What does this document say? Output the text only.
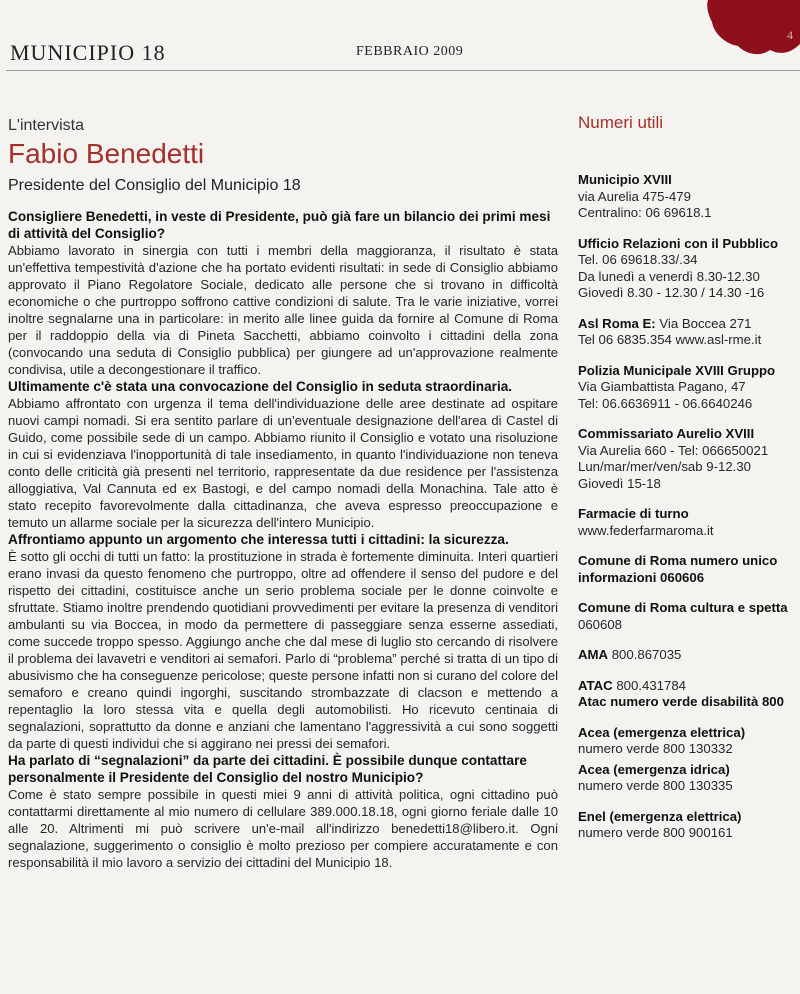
MUNICIPIO 18	FEBBRAIO 2009
4

L'intervista

Fabio Benedetti

Presidente del Consiglio del Municipio 18

Consigliere Benedetti, in veste di Presidente, può già fare un bilancio dei primi mesi di attività del Consiglio?

Abbiamo lavorato in sinergia con tutti i membri della maggioranza, il risultato è stata un'effettiva tempestività d'azione che ha portato evidenti risultati: in sede di Consiglio abbiamo approvato il Piano Regolatore Sociale, dedicato alle persone che si trovano in difficoltà economiche o che purtroppo soffrono cattive condizioni di salute. Tra le varie iniziative, vorrei inoltre segnalarne una in particolare: in merito alle linee guida da fornire al Comune di Roma per il raddoppio della via di Pineta Sacchetti, abbiamo coinvolto i cittadini della zona (convocando una seduta di Consiglio pubblica) per giungere ad un'approvazione realmente condivisa, utile a decongestionare il traffico.

Ultimamente c'è stata una convocazione del Consiglio in seduta straordinaria.

Abbiamo affrontato con urgenza il tema dell'individuazione delle aree destinate ad ospitare nuovi campi nomadi. Si era sentito parlare di un'eventuale designazione dell'area di Castel di Guido, come possibile sede di un campo. Abbiamo riunito il Consiglio e votato una risoluzione in cui si evidenziava l'inopportunità di tale insediamento, in quanto l'individuazione non teneva conto delle criticità già presenti nel territorio, rappresentate da due residence per l'assistenza alloggiativa, Val Cannuta ed ex Bastogi, e del campo nomadi della Monachina. Tale atto è stato recepito favorevolmente dalla cittadinanza, che aveva espresso preoccupazione e temuto un allarme sociale per la sicurezza dell'intero Municipio.

Affrontiamo appunto un argomento che interessa tutti i cittadini: la sicurezza.

È sotto gli occhi di tutti un fatto: la prostituzione in strada è fortemente diminuita. Interi quartieri erano invasi da questo fenomeno che purtroppo, oltre ad offendere il senso del pudore e del rispetto dei cittadini, costituisce anche un serio problema sociale per le donne coinvolte e sfruttate. Stiamo inoltre prendendo quotidiani provvedimenti per evitare la presenza di venditori ambulanti su via Boccea, in modo da permettere di passeggiare senza esserne assediati, come succede troppo spesso. Aggiungo anche che dal mese di luglio sto cercando di risolvere il problema dei lavavetri e venditori ai semafori. Parlo di “problema” perché si tratta di un tipo di abusivismo che ha conseguenze pericolose; queste persone infatti non si curano del colore del semaforo e creano quindi ingorghi, suscitando strombazzate di clacson e mettendo a repentaglio la loro stessa vita e quella degli automobilisti. Ho ricevuto centinaia di segnalazioni, soprattutto da donne e anziani che lamentano l'aggressività a cui sono soggetti da parte di questi individui che si aggirano nei pressi dei semafori.

Ha parlato di “segnalazioni” da parte dei cittadini. È possibile dunque contattare personalmente il Presidente del Consiglio del nostro Municipio?

Come è stato sempre possibile in questi miei 9 anni di attività politica, ogni cittadino può contattarmi direttamente al mio numero di cellulare 389.000.18.18, ogni giorno feriale dalle 10 alle 20. Altrimenti mi può scrivere un'e-mail all'indirizzo benedetti18@libero.it. Ogni segnalazione, suggerimento o consiglio è molto prezioso per compiere accuratamente e con responsabilità il mio lavoro a servizio dei cittadini del Municipio 18.

Numeri utili

Municipio XVIII
via Aurelia 475-479
Centralino: 06 69618.1
Ufficio Relazioni con il Pubblico
Tel. 06 69618.33/.34
Da lunedì a venerdì 8.30-12.30
Giovedì 8.30 - 12.30 / 14.30 -16
Asl Roma E: Via Boccea 271
Tel 06 6835.354 www.asl-rme.it
Polizia Municipale XVIII Gruppo
Via Giambattista Pagano, 47
Tel: 06.6636911 - 06.6640246
Commissariato Aurelio XVIII
Via Aurelia 660 - Tel: 066650021
Lun/mar/mer/ven/sab 9-12.30
Giovedì 15-18
Farmacie di turno
www.federfarmaroma.it
Comune di Roma numero unico
informazioni 060606
Comune di Roma cultura e spetta
060608
AMA 800.867035
ATAC 800.431784
Atac numero verde disabilità 800
Acea (emergenza elettrica)
numero verde 800 130332
Acea (emergenza idrica)
numero verde 800 130335
Enel (emergenza elettrica)
numero verde 800 900161
